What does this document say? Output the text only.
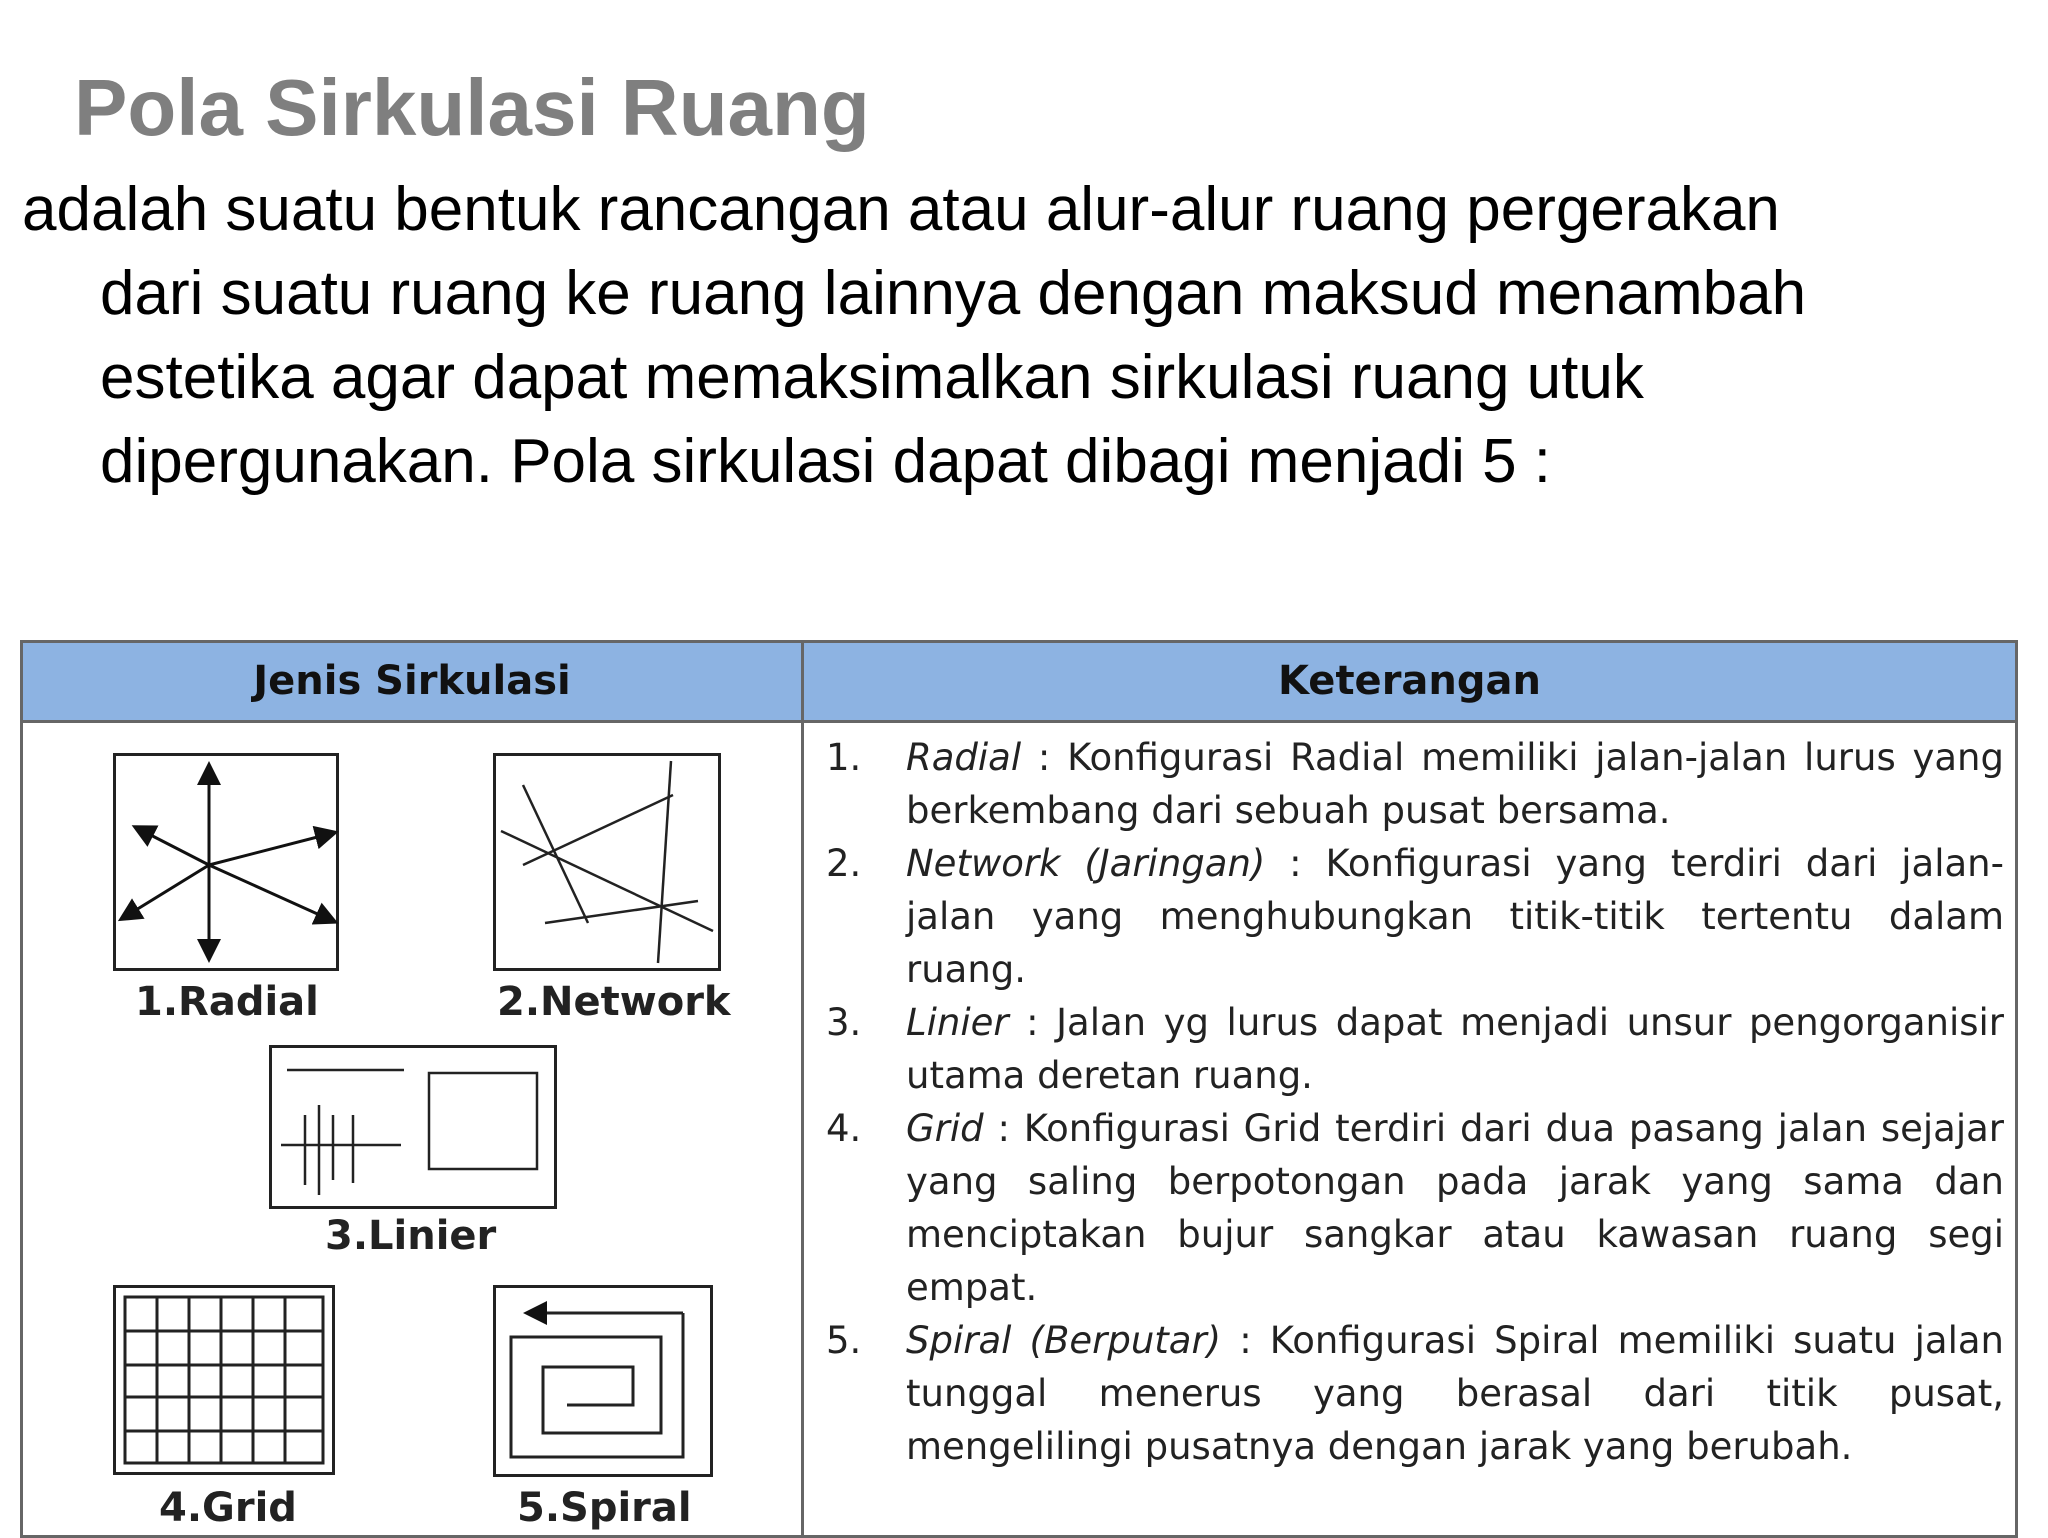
Pola Sirkulasi Ruang
adalah suatu bentuk rancangan atau alur-alur ruang pergerakan
dari suatu ruang ke ruang lainnya dengan maksud menambah estetika agar dapat memaksimalkan sirkulasi ruang utuk dipergunakan. Pola sirkulasi dapat dibagi menjadi 5 :
Jenis Sirkulasi	Keterangan
1.Radial	2.Network
3.Linier
4.Grid	5.Spiral
1. Radial : Konfigurasi Radial memiliki jalan-jalan lurus yang berkembang dari sebuah pusat bersama.
2. Network (Jaringan) : Konfigurasi yang terdiri dari jalan-jalan yang menghubungkan titik-titik tertentu dalam ruang.
3. Linier : Jalan yg lurus dapat menjadi unsur pengorganisir utama deretan ruang.
4. Grid : Konfigurasi Grid terdiri dari dua pasang jalan sejajar yang saling berpotongan pada jarak yang sama dan menciptakan bujur sangkar atau kawasan ruang segi empat.
5. Spiral (Berputar) : Konfigurasi Spiral memiliki suatu jalan tunggal menerus yang berasal dari titik pusat, mengelilingi pusatnya dengan jarak yang berubah.
